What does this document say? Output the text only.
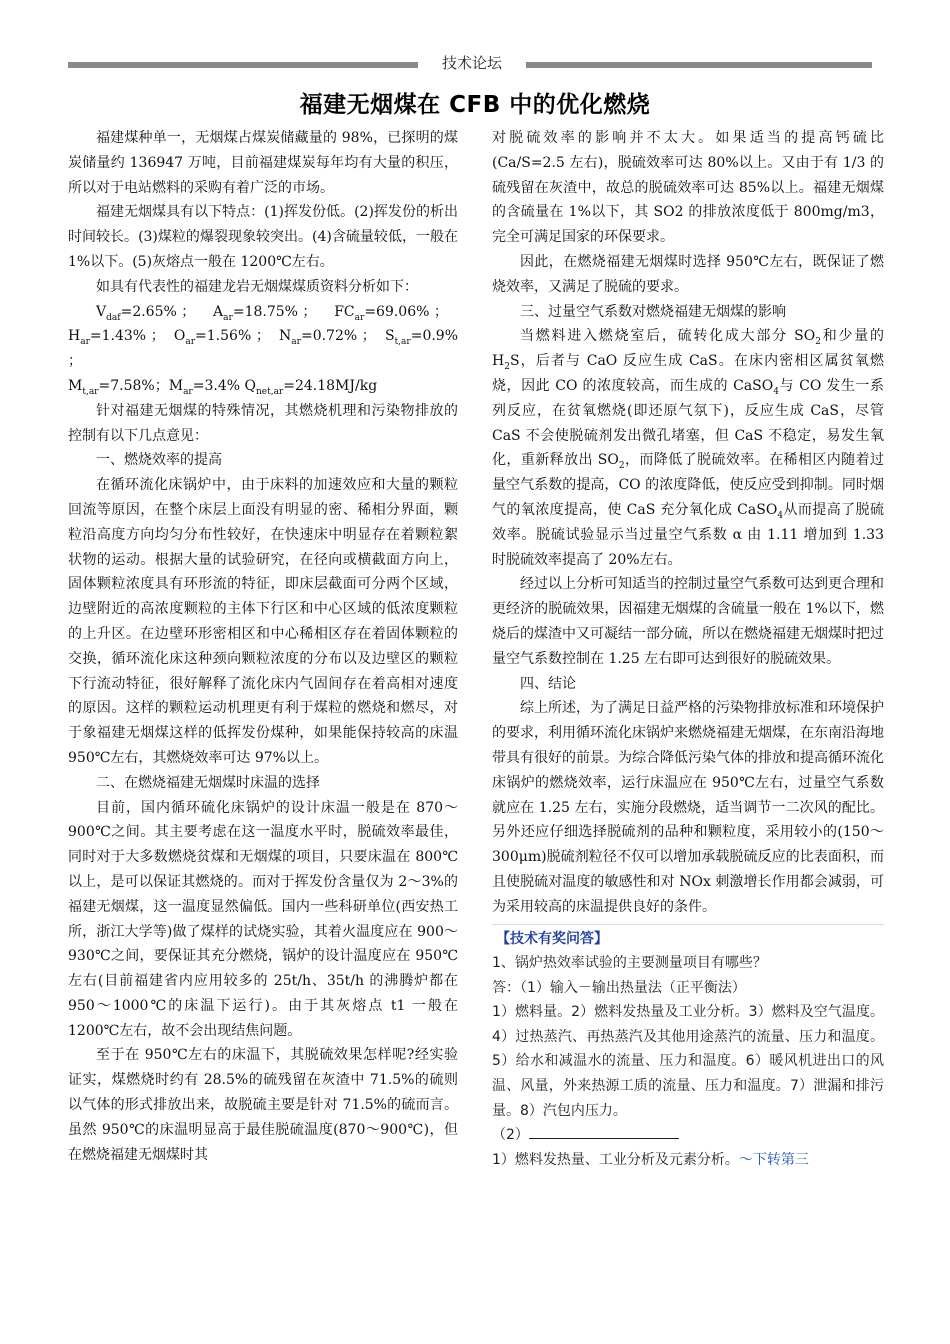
技术论坛
福建无烟煤在 CFB 中的优化燃烧

福建煤种单一，无烟煤占煤炭储藏量的 98%，已探明的煤炭储量约 136947 万吨，目前福建煤炭每年均有大量的积压，所以对于电站燃料的采购有着广泛的市场。

福建无烟煤具有以下特点：(1)挥发份低。(2)挥发份的析出时间较长。(3)煤粒的爆裂现象较突出。(4)含硫量较低，一般在 1%以下。(5)灰熔点一般在 1200℃左右。

如具有代表性的福建龙岩无烟煤煤质资料分析如下：

$V_{daf}=2.65\%$ ；    $A_{ar}=18.75\%$ ；    $FC_{ar}=69.06\%$ ；

$H_{ar}=1.43\%$ ；  $O_{ar}=1.56\%$ ；  $N_{ar}=0.72\%$ ；  $S_{t,ar}=0.9\%$ ；

$M_{t,ar}=7.58\%$；$M_{ar}=3.4\%$ $Q_{net,ar}=24.18MJ/kg$

针对福建无烟煤的特殊情况，其燃烧机理和污染物排放的控制有以下几点意见：

一、燃烧效率的提高

在循环流化床锅炉中，由于床料的加速效应和大量的颗粒回流等原因，在整个床层上面没有明显的密、稀相分界面，颗粒沿高度方向均匀分布性较好，在快速床中明显存在着颗粒絮状物的运动。根据大量的试验研究，在径向或横截面方向上，固体颗粒浓度具有环形流的特征，即床层截面可分两个区域，边壁附近的高浓度颗粒的主体下行区和中心区域的低浓度颗粒的上升区。在边壁环形密相区和中心稀相区存在着固体颗粒的交换，循环流化床这种颈向颗粒浓度的分布以及边壁区的颗粒下行流动特征，很好解释了流化床内气固间存在着高相对速度的原因。这样的颗粒运动机理更有利于煤粒的燃烧和燃尽，对于象福建无烟煤这样的低挥发份煤种，如果能保持较高的床温 950℃左右，其燃烧效率可达 97%以上。

二、在燃烧福建无烟煤时床温的选择

目前，国内循环硫化床锅炉的设计床温一般是在 870～900℃之间。其主要考虑在这一温度水平时，脱硫效率最佳，同时对于大多数燃烧贫煤和无烟煤的项目，只要床温在 800℃以上，是可以保证其燃烧的。而对于挥发份含量仅为 2～3%的福建无烟煤，这一温度显然偏低。国内一些科研单位(西安热工所，浙江大学等)做了煤样的试烧实验，其着火温度应在 900～930℃之间，要保证其充分燃烧，锅炉的设计温度应在 950℃左右(目前福建省内应用较多的 25t/h、35t/h 的沸腾炉都在 950～1000℃的床温下运行)。由于其灰熔点 t1 一般在 1200℃左右，故不会出现结焦问题。

至于在 950℃左右的床温下，其脱硫效果怎样呢?经实验证实，煤燃烧时约有 28.5%的硫残留在灰渣中 71.5%的硫则以气体的形式排放出来，故脱硫主要是针对 71.5%的硫而言。虽然 950℃的床温明显高于最佳脱硫温度(870～900℃)，但在燃烧福建无烟煤时其

对脱硫效率的影响并不太大。如果适当的提高钙硫比(Ca/S=2.5 左右)，脱硫效率可达 80%以上。又由于有 1/3 的硫残留在灰渣中，故总的脱硫效率可达 85%以上。福建无烟煤的含硫量在 1%以下，其 SO2 的排放浓度低于 800mg/m3，完全可满足国家的环保要求。

因此，在燃烧福建无烟煤时选择 950℃左右，既保证了燃烧效率，又满足了脱硫的要求。

三、过量空气系数对燃烧福建无烟煤的影响

当燃料进入燃烧室后，硫转化成大部分 $SO_2$和少量的 $H_2S$，后者与 CaO 反应生成 CaS。在床内密相区属贫氧燃烧，因此 CO 的浓度较高，而生成的 CaSO$_4$与 CO 发生一系列反应，在贫氧燃烧(即还原气氛下)，反应生成 CaS，尽管 CaS 不会使脱硫剂发出微孔堵塞，但 CaS 不稳定，易发生氧化，重新释放出 $SO_2$，而降低了脱硫效率。在稀相区内随着过量空气系数的提高，CO 的浓度降低，使反应受到抑制。同时烟气的氧浓度提高，使 CaS 充分氧化成 CaSO$_4$从而提高了脱硫效率。脱硫试验显示当过量空气系数 α 由 1.11 增加到 1.33 时脱硫效率提高了 20%左右。

经过以上分析可知适当的控制过量空气系数可达到更合理和更经济的脱硫效果，因福建无烟煤的含硫量一般在 1%以下，燃烧后的煤渣中又可凝结一部分硫，所以在燃烧福建无烟煤时把过量空气系数控制在 1.25 左右即可达到很好的脱硫效果。

四、结论

综上所述，为了满足日益严格的污染物排放标准和环境保护的要求，利用循环流化床锅炉来燃烧福建无烟煤，在东南沿海地带具有很好的前景。为综合降低污染气体的排放和提高循环流化床锅炉的燃烧效率，运行床温应在 950℃左右，过量空气系数就应在 1.25 左右，实施分段燃烧，适当调节一二次风的配比。另外还应仔细选择脱硫剂的品种和颗粒度，采用较小的(150～300μm)脱硫剂粒径不仅可以增加承载脱硫反应的比表面积，而且使脱硫对温度的敏感性和对 NOx 刺激增长作用都会减弱，可为采用较高的床温提供良好的条件。

【技术有奖问答】

1、锅炉热效率试验的主要测量项目有哪些？

答：（1）输入－输出热量法（正平衡法）

1）燃料量。2）燃料发热量及工业分析。3）燃料及空气温度。4）过热蒸汽、再热蒸汽及其他用途蒸汽的流量、压力和温度。5）给水和减温水的流量、压力和温度。6）暖风机进出口的风温、风量，外来热源工质的流量、压力和温度。7）泄漏和排污量。8）汽包内压力。

（2）

1）燃料发热量、工业分析及元素分析。～下转第三
